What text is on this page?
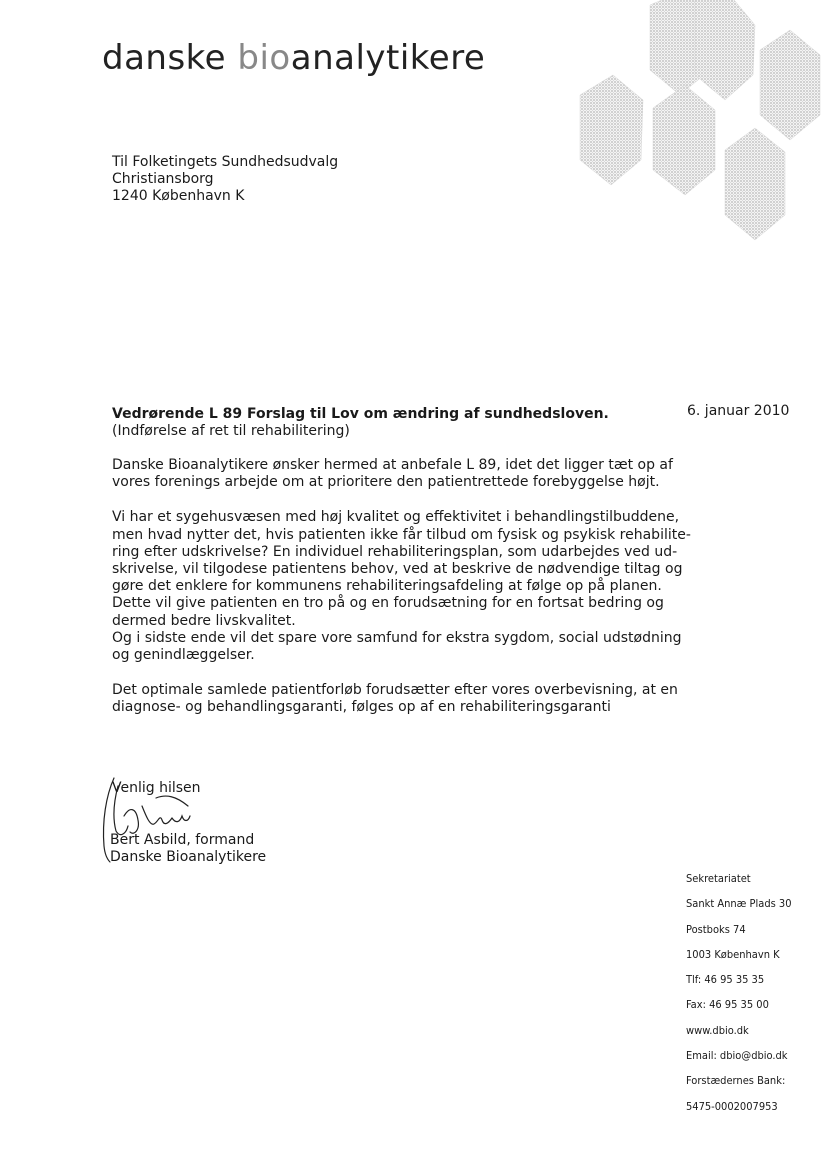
danske bioanalytikere
Til Folketingets Sundhedsudvalg
Christiansborg
1240 København K
6. januar 2010
Vedrørende L 89 Forslag til Lov om ændring af sundhedsloven.
(Indførelse af ret til rehabilitering)

Danske Bioanalytikere ønsker hermed at anbefale L 89, idet det ligger tæt op af
vores forenings arbejde om at prioritere den patientrettede forebyggelse højt.

Vi har et sygehusvæsen med høj kvalitet og effektivitet i behandlingstilbuddene,
men hvad nytter det, hvis patienten ikke får tilbud om fysisk og psykisk rehabilite-
ring efter udskrivelse? En individuel rehabiliteringsplan, som udarbejdes ved ud-
skrivelse, vil tilgodese patientens behov, ved at beskrive de nødvendige tiltag og
gøre det enklere for kommunens rehabiliteringsafdeling at følge op på planen.
Dette vil give patienten en tro på og en forudsætning for en fortsat bedring og
dermed bedre livskvalitet.
Og i sidste ende vil det spare vore samfund for ekstra sygdom, social udstødning
og genindlæggelser.

Det optimale samlede patientforløb forudsætter efter vores overbevisning, at en
diagnose- og behandlingsgaranti, følges op af en rehabiliteringsgaranti

Venlig hilsen
Bert Asbild, formand
Danske Bioanalytikere
Sekretariatet
Sankt Annæ Plads 30
Postboks 74
1003 København K
Tlf: 46 95 35 35
Fax: 46 95 35 00
www.dbio.dk
Email: dbio@dbio.dk
Forstædernes Bank:
5475-0002007953
